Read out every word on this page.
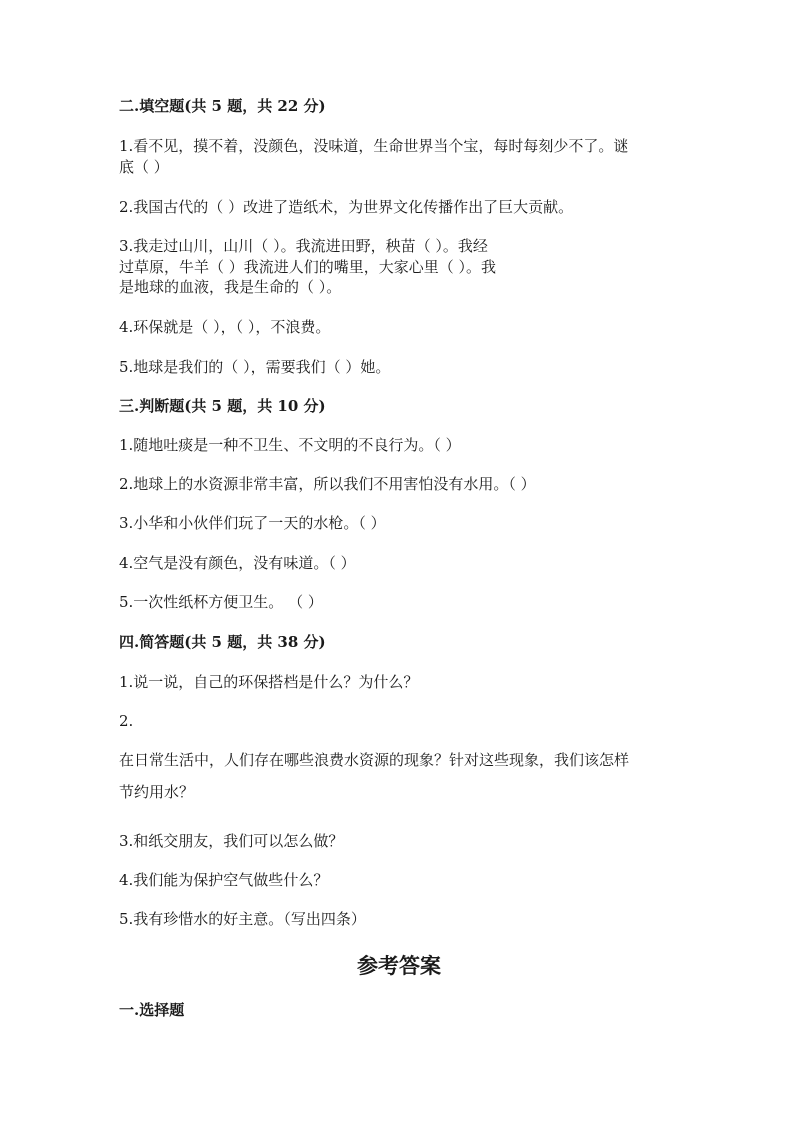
二.填空题(共 5 题，共 22 分)
1.看不见，摸不着，没颜色，没味道，生命世界当个宝，每时每刻少不了。谜
底（ ）
2.我国古代的（ ）改进了造纸术，为世界文化传播作出了巨大贡献。
3.我走过山川，山川（ ）。我流进田野，秧苗（ ）。我经
过草原，牛羊（ ）我流进人们的嘴里，大家心里（ ）。我
是地球的血液，我是生命的（ ）。
4.环保就是（ ），（ ），不浪费。
5.地球是我们的（ ），需要我们（ ）她。
三.判断题(共 5 题，共 10 分)
1.随地吐痰是一种不卫生、不文明的不良行为。（ ）
2.地球上的水资源非常丰富，所以我们不用害怕没有水用。（ ）
3.小华和小伙伴们玩了一天的水枪。（ ）
4.空气是没有颜色，没有味道。（ ）
5.一次性纸杯方便卫生。 （ ）
四.简答题(共 5 题，共 38 分)
1.说一说，自己的环保搭档是什么？为什么？
2.
在日常生活中，人们存在哪些浪费水资源的现象？针对这些现象，我们该怎样
节约用水？
3.和纸交朋友，我们可以怎么做？
4.我们能为保护空气做些什么？
5.我有珍惜水的好主意。（写出四条）
参考答案
一.选择题
